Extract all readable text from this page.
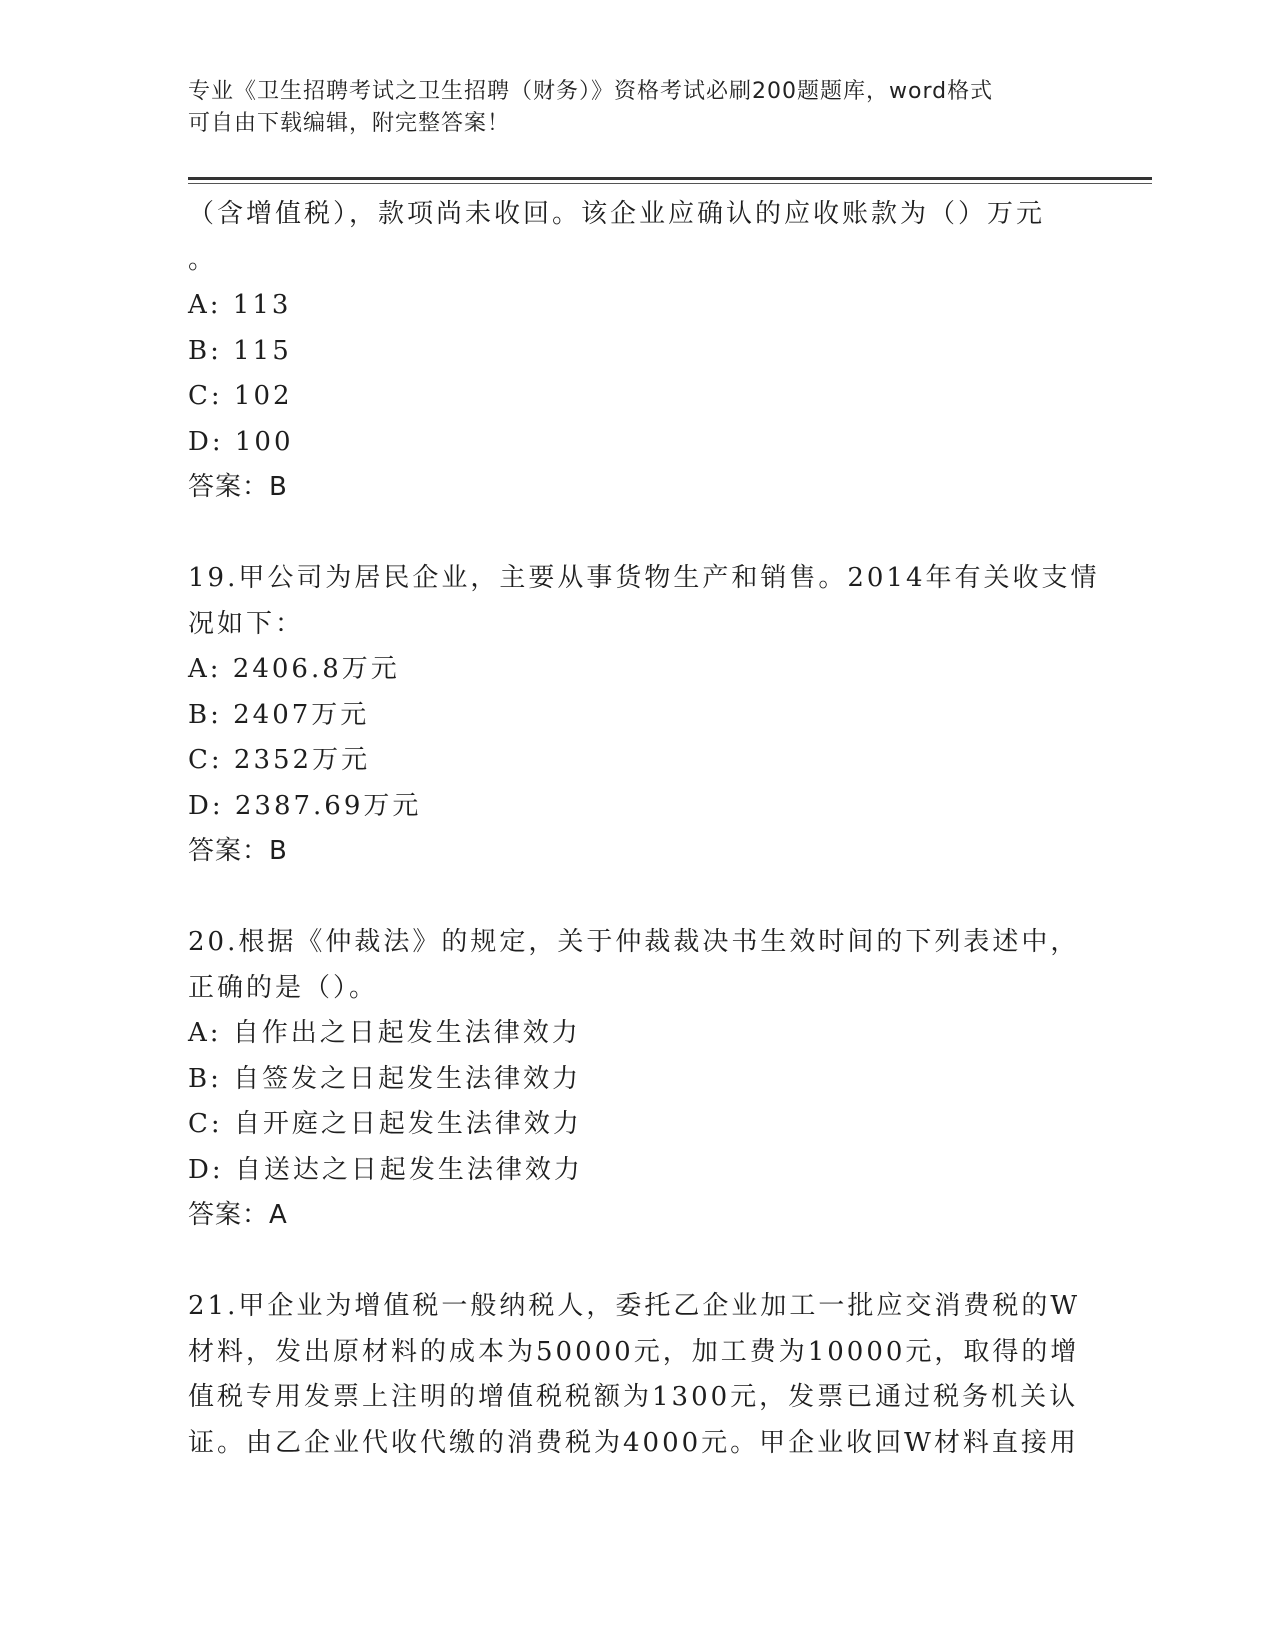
专业《卫生招聘考试之卫生招聘（财务）》资格考试必刷200题题库，word格式
可自由下载编辑，附完整答案！
（含增值税），款项尚未收回。该企业应确认的应收账款为（）万元
。
A: 113
B: 115
C: 102
D: 100
答案：B
19.甲公司为居民企业，主要从事货物生产和销售。2014年有关收支情
况如下：
A: 2406.8万元
B: 2407万元
C: 2352万元
D: 2387.69万元
答案：B
20.根据《仲裁法》的规定，关于仲裁裁决书生效时间的下列表述中，
正确的是（）。
A: 自作出之日起发生法律效力
B: 自签发之日起发生法律效力
C: 自开庭之日起发生法律效力
D: 自送达之日起发生法律效力
答案：A
21.甲企业为增值税一般纳税人，委托乙企业加工一批应交消费税的W
材料，发出原材料的成本为50000元，加工费为10000元，取得的增
值税专用发票上注明的增值税税额为1300元，发票已通过税务机关认
证。由乙企业代收代缴的消费税为4000元。甲企业收回W材料直接用
